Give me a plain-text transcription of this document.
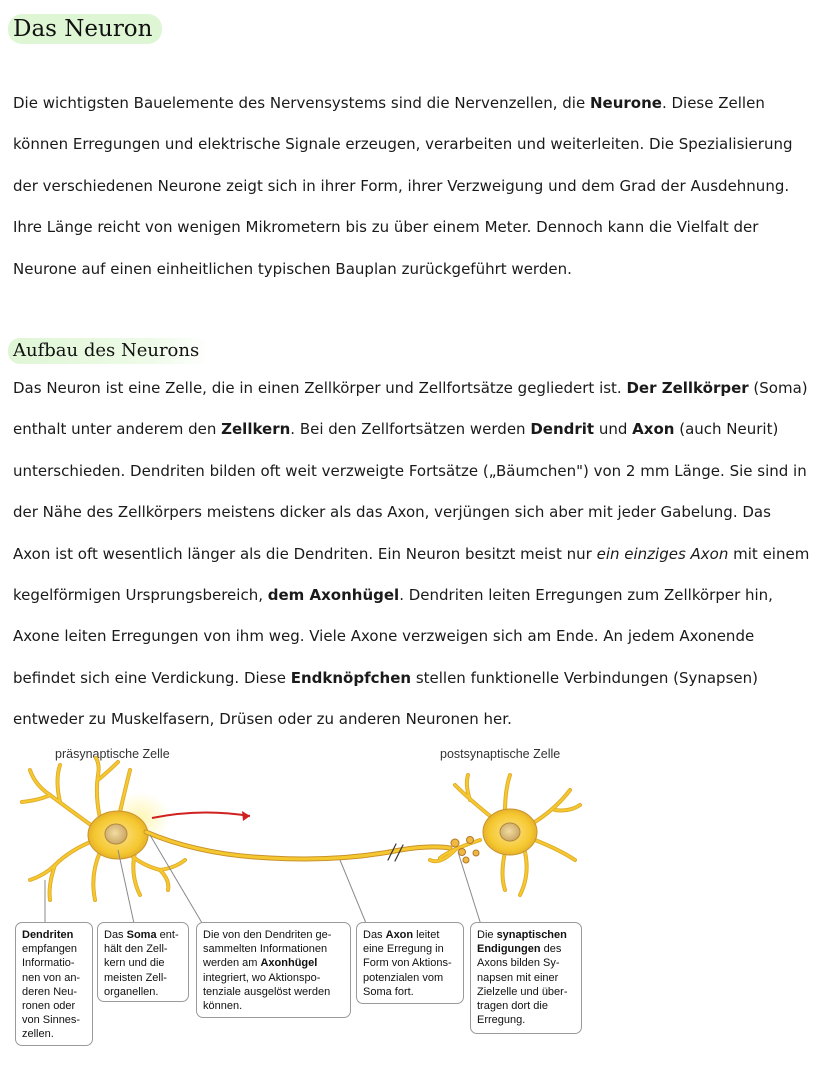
Das Neuron
Die wichtigsten Bauelemente des Nervensystems sind die Nervenzellen, die Neurone. Diese Zellen
können Erregungen und elektrische Signale erzeugen, verarbeiten und weiterleiten. Die Spezialisierung
der verschiedenen Neurone zeigt sich in ihrer Form, ihrer Verzweigung und dem Grad der Ausdehnung.
Ihre Länge reicht von wenigen Mikrometern bis zu über einem Meter. Dennoch kann die Vielfalt der
Neurone auf einen einheitlichen typischen Bauplan zurückgeführt werden.
Aufbau des Neurons
Das Neuron ist eine Zelle, die in einen Zellkörper und Zellfortsätze gegliedert ist. Der Zellkörper (Soma)
enthalt unter anderem den Zellkern. Bei den Zellfortsätzen werden Dendrit und Axon (auch Neurit)
unterschieden. Dendriten bilden oft weit verzweigte Fortsätze („Bäumchen") von 2 mm Länge. Sie sind in
der Nähe des Zellkörpers meistens dicker als das Axon, verjüngen sich aber mit jeder Gabelung. Das
Axon ist oft wesentlich länger als die Dendriten. Ein Neuron besitzt meist nur ein einziges Axon mit einem
kegelförmigen Ursprungsbereich, dem Axonhügel. Dendriten leiten Erregungen zum Zellkörper hin,
Axone leiten Erregungen von ihm weg. Viele Axone verzweigen sich am Ende. An jedem Axonende
befindet sich eine Verdickung. Diese Endknöpfchen stellen funktionelle Verbindungen (Synapsen)
entweder zu Muskelfasern, Drüsen oder zu anderen Neuronen her.
präsynaptische Zelle	postsynaptische Zelle
Dendriten
empfangen
Informatio-
nen von an-
deren Neu-
ronen oder
von Sinnes-
zellen.
Das Soma ent-
hält den Zell-
kern und die
meisten Zell-
organellen.
Die von den Dendriten ge-
sammelten Informationen
werden am Axonhügel
integriert, wo Aktionspo-
tenziale ausgelöst werden
können.
Das Axon leitet
eine Erregung in
Form von Aktions-
potenzialen vom
Soma fort.
Die synaptischen
Endigungen des
Axons bilden Sy-
napsen mit einer
Zielzelle und über-
tragen dort die
Erregung.
